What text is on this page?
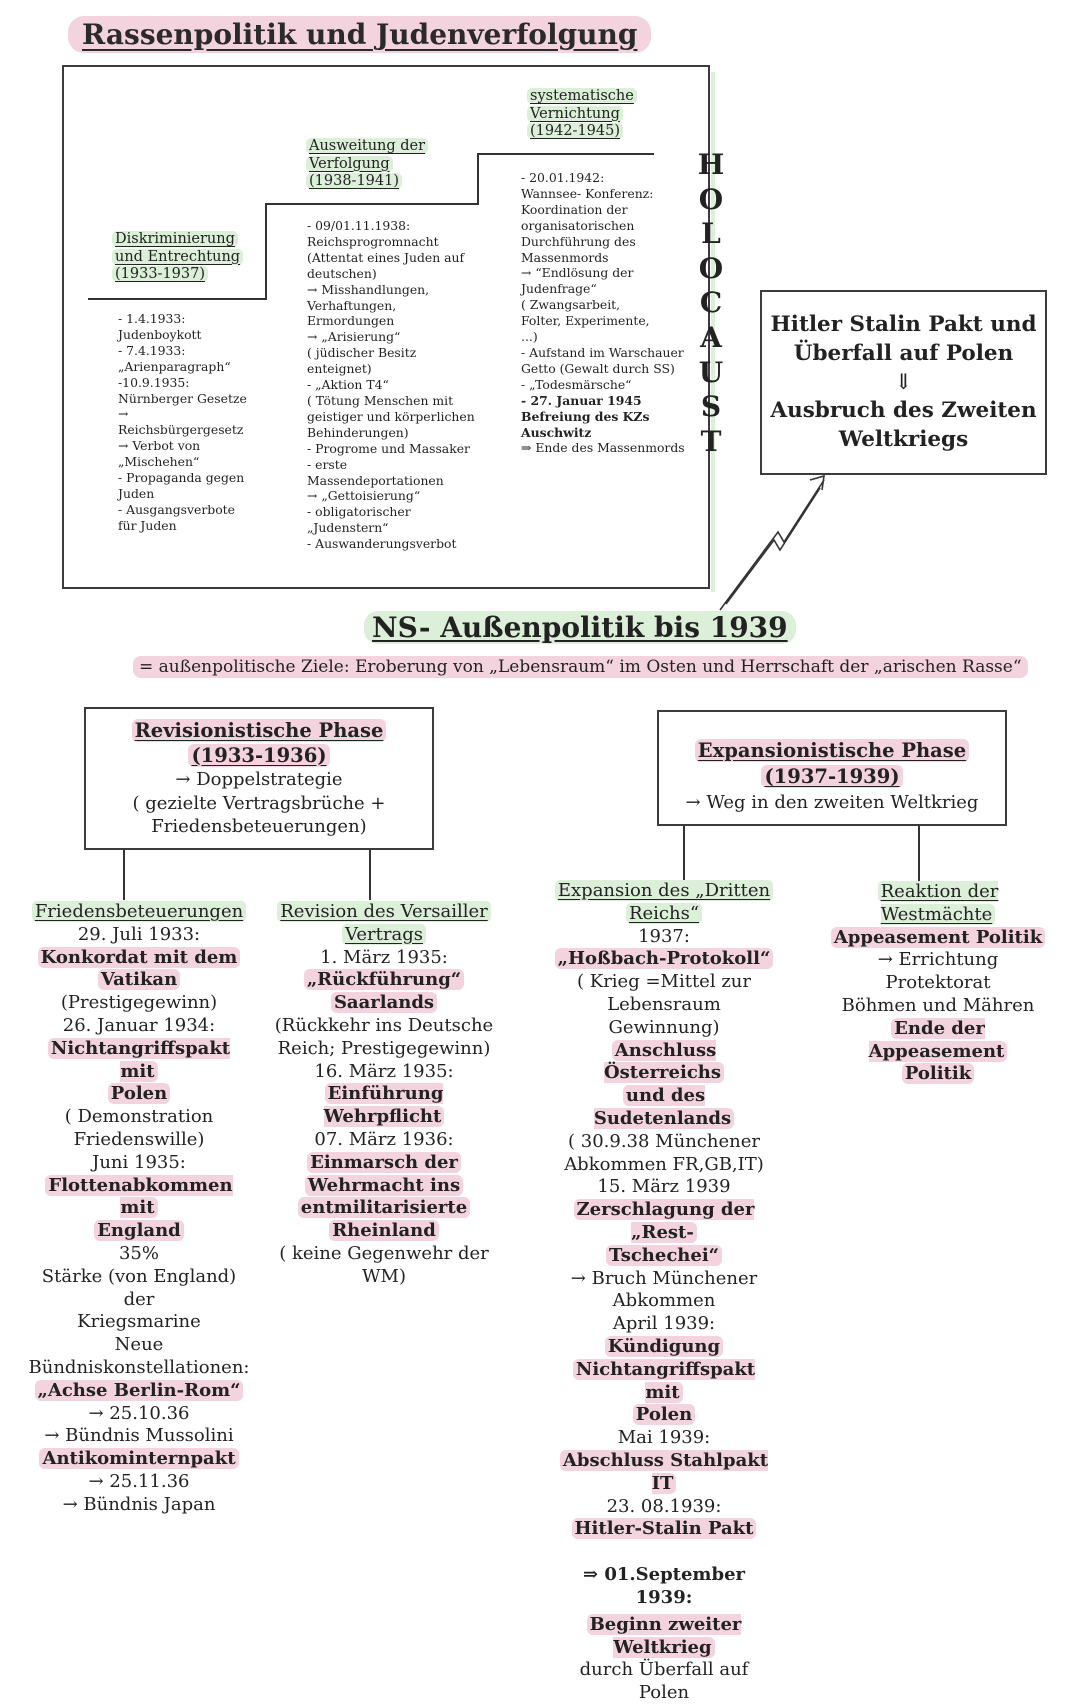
Rassenpolitik und Judenverfolgung
Diskriminierung
und Entrechtung
(1933-1937)
- 1.4.1933:
Judenboykott
- 7.4.1933:
„Arienparagraph“
-10.9.1935:
Nürnberger Gesetze
→
Reichsbürgergesetz
→ Verbot von
„Mischehen“
- Propaganda gegen
Juden
- Ausgangsverbote
für Juden
Ausweitung der
Verfolgung
(1938-1941)
- 09/01.11.1938:
Reichsprogromnacht
(Attentat eines Juden auf
deutschen)
→ Misshandlungen,
Verhaftungen,
Ermordungen
→ „Arisierung“
( jüdischer Besitz
enteignet)
- „Aktion T4“
( Tötung Menschen mit
geistiger und körperlichen
Behinderungen)
- Progrome und Massaker
- erste
Massendeportationen
→ „Gettoisierung“
- obligatorischer
„Judenstern“
- Auswanderungsverbot
systematische
Vernichtung
(1942-1945)
- 20.01.1942:
Wannsee- Konferenz:
Koordination der
organisatorischen
Durchführung des
Massenmords
→ “Endlösung der
Judenfrage“
( Zwangsarbeit,
Folter, Experimente,
...)
- Aufstand im Warschauer
Getto (Gewalt durch SS)
- „Todesmärsche“
- 27. Januar 1945
Befreiung des KZs
Auschwitz
⇒ Ende des Massenmords
H
O
L
O
C
A
U
S
T
Hitler Stalin Pakt und
Überfall auf Polen
⇓
Ausbruch des Zweiten
Weltkriegs
NS- Außenpolitik bis 1939
= außenpolitische Ziele: Eroberung von „Lebensraum“ im Osten und Herrschaft der „arischen Rasse“
Revisionistische Phase
(1933-1936)
→ Doppelstrategie
( gezielte Vertragsbrüche +
Friedensbeteuerungen)
Expansionistische Phase
(1937-1939)
→ Weg in den zweiten Weltkrieg
Friedensbeteuerungen
29. Juli 1933:
Konkordat mit dem
Vatikan
(Prestigegewinn)
26. Januar 1934:
Nichtangriffspakt mit
Polen
( Demonstration
Friedenswille)
Juni 1935:
Flottenabkommen mit
England
35%
Stärke (von England) der
Kriegsmarine
Neue
Bündniskonstellationen:
„Achse Berlin-Rom“
→ 25.10.36
→ Bündnis Mussolini
Antikominternpakt
→ 25.11.36
→ Bündnis Japan
Revision des Versailler
Vertrags
1. März 1935:
„Rückführung“
Saarlands
(Rückkehr ins Deutsche
Reich; Prestigegewinn)
16. März 1935:
Einführung Wehrpflicht
07. März 1936:
Einmarsch der
Wehrmacht ins
entmilitarisierte
Rheinland
( keine Gegenwehr der
WM)
Expansion des „Dritten
Reichs“
1937:
„Hoßbach-Protokoll“
( Krieg =Mittel zur
Lebensraum Gewinnung)
Anschluss Österreichs
und des Sudetenlands
( 30.9.38 Münchener
Abkommen FR,GB,IT)
15. März 1939
Zerschlagung der „Rest-
Tschechei“
→ Bruch Münchener
Abkommen
April 1939:
Kündigung
Nichtangriffspakt mit
Polen
Mai 1939:
Abschluss Stahlpakt IT
23. 08.1939:
Hitler-Stalin Pakt
⇒ 01.September 1939:
Beginn zweiter Weltkrieg
durch Überfall auf Polen
Reaktion der Westmächte
Appeasement Politik
→ Errichtung Protektorat
Böhmen und Mähren
Ende der Appeasement
Politik
